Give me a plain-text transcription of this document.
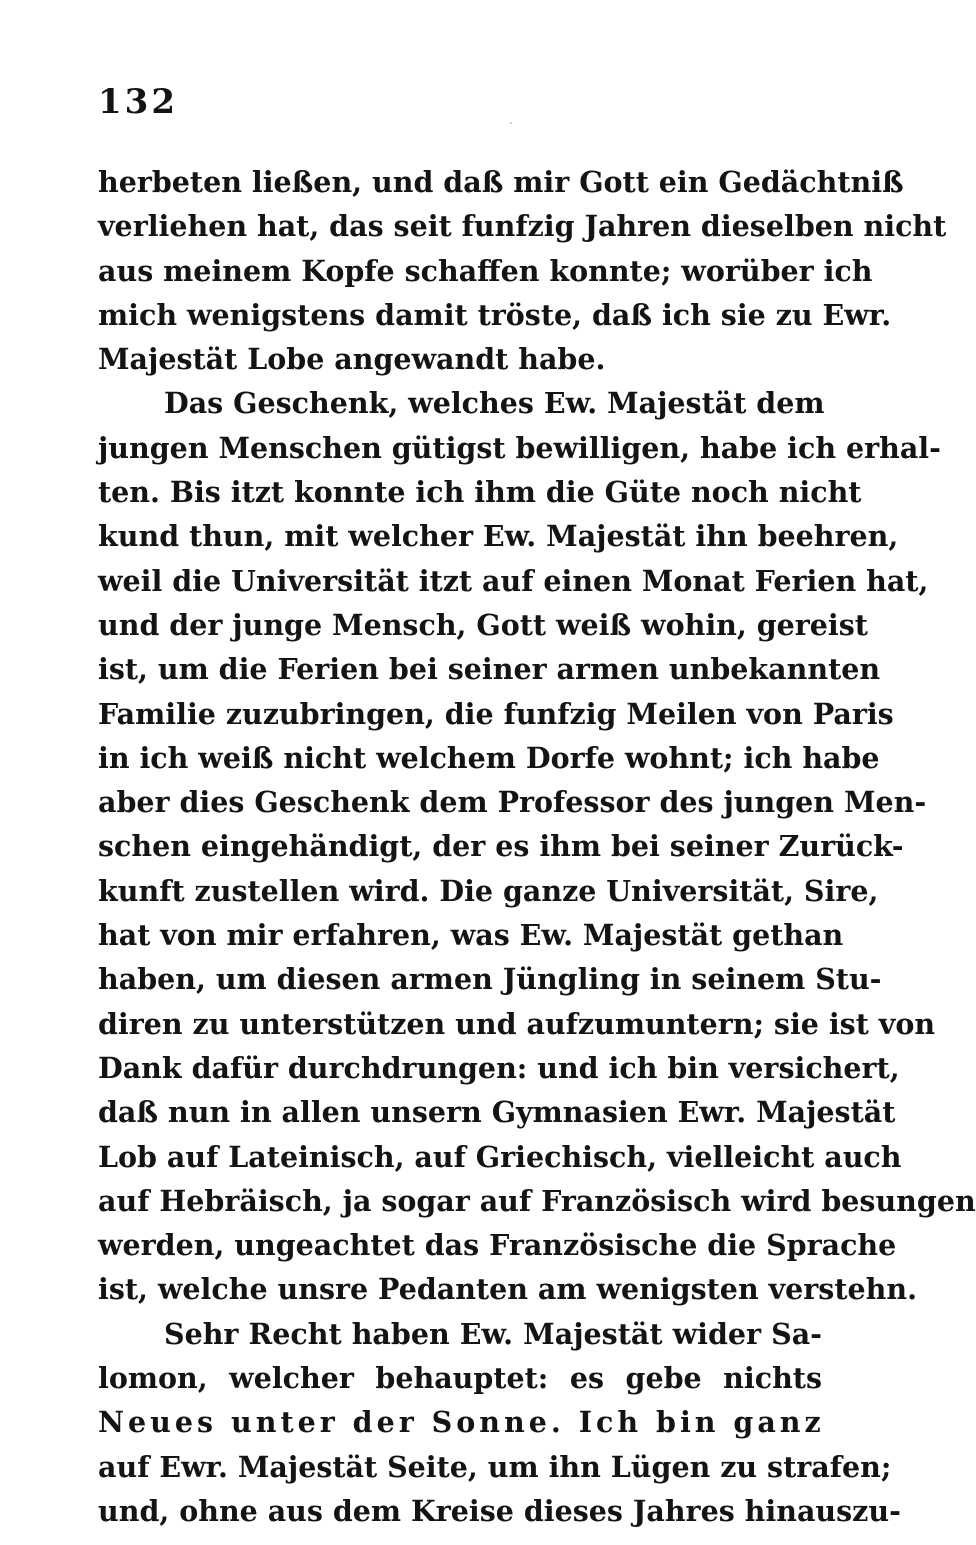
132
herbeten ließen, und daß mir Gott ein Gedächtniß
verliehen hat, das seit funfzig Jahren dieselben nicht
aus meinem Kopfe schaffen konnte; worüber ich
mich wenigstens damit tröste, daß ich sie zu Ewr.
Majestät Lobe angewandt habe.
Das Geschenk, welches Ew. Majestät dem
jungen Menschen gütigst bewilligen, habe ich erhal-
ten. Bis itzt konnte ich ihm die Güte noch nicht
kund thun, mit welcher Ew. Majestät ihn beehren,
weil die Universität itzt auf einen Monat Ferien hat,
und der junge Mensch, Gott weiß wohin, gereist
ist, um die Ferien bei seiner armen unbekannten
Familie zuzubringen, die funfzig Meilen von Paris
in ich weiß nicht welchem Dorfe wohnt; ich habe
aber dies Geschenk dem Professor des jungen Men-
schen eingehändigt, der es ihm bei seiner Zurück-
kunft zustellen wird. Die ganze Universität, Sire,
hat von mir erfahren, was Ew. Majestät gethan
haben, um diesen armen Jüngling in seinem Stu-
diren zu unterstützen und aufzumuntern; sie ist von
Dank dafür durchdrungen: und ich bin versichert,
daß nun in allen unsern Gymnasien Ewr. Majestät
Lob auf Lateinisch, auf Griechisch, vielleicht auch
auf Hebräisch, ja sogar auf Französisch wird besungen
werden, ungeachtet das Französische die Sprache
ist, welche unsre Pedanten am wenigsten verstehn.
Sehr Recht haben Ew. Majestät wider Sa-
lomon, welcher behauptet: es gebe nichts
Neues unter der Sonne. Ich bin ganz
auf Ewr. Majestät Seite, um ihn Lügen zu strafen;
und, ohne aus dem Kreise dieses Jahres hinauszu-
